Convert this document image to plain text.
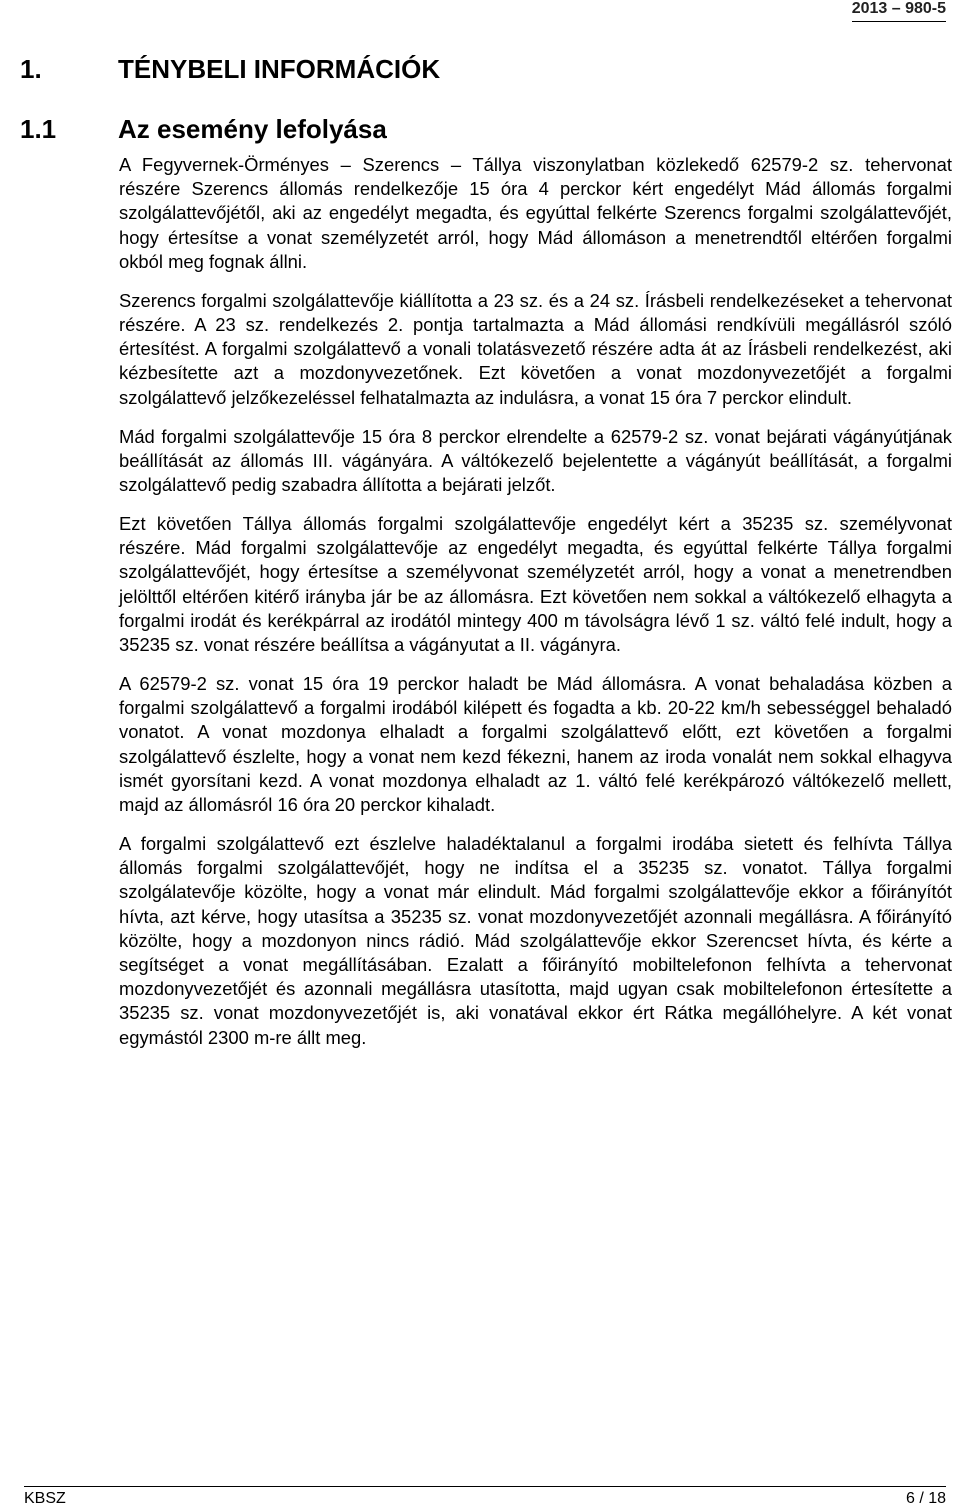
2013 – 980-5
1.	TÉNYBELI INFORMÁCIÓK
1.1 Az esemény lefolyása

A Fegyvernek-Örményes – Szerencs – Tállya viszonylatban közlekedő 62579-2 sz. tehervonat részére Szerencs állomás rendelkezője 15 óra 4 perckor kért engedélyt Mád állomás forgalmi szolgálattevőjétől, aki az engedélyt megadta, és egyúttal felkérte Szerencs forgalmi szolgálattevőjét, hogy értesítse a vonat személyzetét arról, hogy Mád állomáson a menetrendtől eltérően forgalmi okból meg fognak állni.

Szerencs forgalmi szolgálattevője kiállította a 23 sz. és a 24 sz. Írásbeli rendelkezéseket a tehervonat részére. A 23 sz. rendelkezés 2. pontja tartalmazta a Mád állomási rendkívüli megállásról szóló értesítést. A forgalmi szolgálattevő a vonali tolatásvezető részére adta át az Írásbeli rendelkezést, aki kézbesítette azt a mozdonyvezetőnek. Ezt követően a vonat mozdonyvezetőjét a forgalmi szolgálattevő jelzőkezeléssel felhatalmazta az indulásra, a vonat 15 óra 7 perckor elindult.

Mád forgalmi szolgálattevője 15 óra 8 perckor elrendelte a 62579-2 sz. vonat bejárati vágányútjának beállítását az állomás III. vágányára. A váltókezelő bejelentette a vágányút beállítását, a forgalmi szolgálattevő pedig szabadra állította a bejárati jelzőt.

Ezt követően Tállya állomás forgalmi szolgálattevője engedélyt kért a 35235 sz. személyvonat részére. Mád forgalmi szolgálattevője az engedélyt megadta, és egyúttal felkérte Tállya forgalmi szolgálattevőjét, hogy értesítse a személyvonat személyzetét arról, hogy a vonat a menetrendben jelölttől eltérően kitérő irányba jár be az állomásra. Ezt követően nem sokkal a váltókezelő elhagyta a forgalmi irodát és kerékpárral az irodától mintegy 400 m távolságra lévő 1 sz. váltó felé indult, hogy a 35235 sz. vonat részére beállítsa a vágányutat a II. vágányra.

A 62579-2 sz. vonat 15 óra 19 perckor haladt be Mád állomásra. A vonat behaladása közben a forgalmi szolgálattevő a forgalmi irodából kilépett és fogadta a kb. 20-22 km/h sebességgel behaladó vonatot. A vonat mozdonya elhaladt a forgalmi szolgálattevő előtt, ezt követően a forgalmi szolgálattevő észlelte, hogy a vonat nem kezd fékezni, hanem az iroda vonalát nem sokkal elhagyva ismét gyorsítani kezd. A vonat mozdonya elhaladt az 1. váltó felé kerékpározó váltókezelő mellett, majd az állomásról 16 óra 20 perckor kihaladt.

A forgalmi szolgálattevő ezt észlelve haladéktalanul a forgalmi irodába sietett és felhívta Tállya állomás forgalmi szolgálattevőjét, hogy ne indítsa el a 35235 sz. vonatot. Tállya forgalmi szolgálatevője közölte, hogy a vonat már elindult. Mád forgalmi szolgálattevője ekkor a főirányítót hívta, azt kérve, hogy utasítsa a 35235 sz. vonat mozdonyvezetőjét azonnali megállásra. A főirányító közölte, hogy a mozdonyon nincs rádió. Mád szolgálattevője ekkor Szerencset hívta, és kérte a segítséget a vonat megállításában. Ezalatt a főirányító mobiltelefonon felhívta a tehervonat mozdonyvezetőjét és azonnali megállásra utasította, majd ugyan csak mobiltelefonon értesítette a 35235 sz. vonat mozdonyvezetőjét is, aki vonatával ekkor ért Rátka megállóhelyre. A két vonat egymástól 2300 m-re állt meg.

KBSZ	6 / 18
